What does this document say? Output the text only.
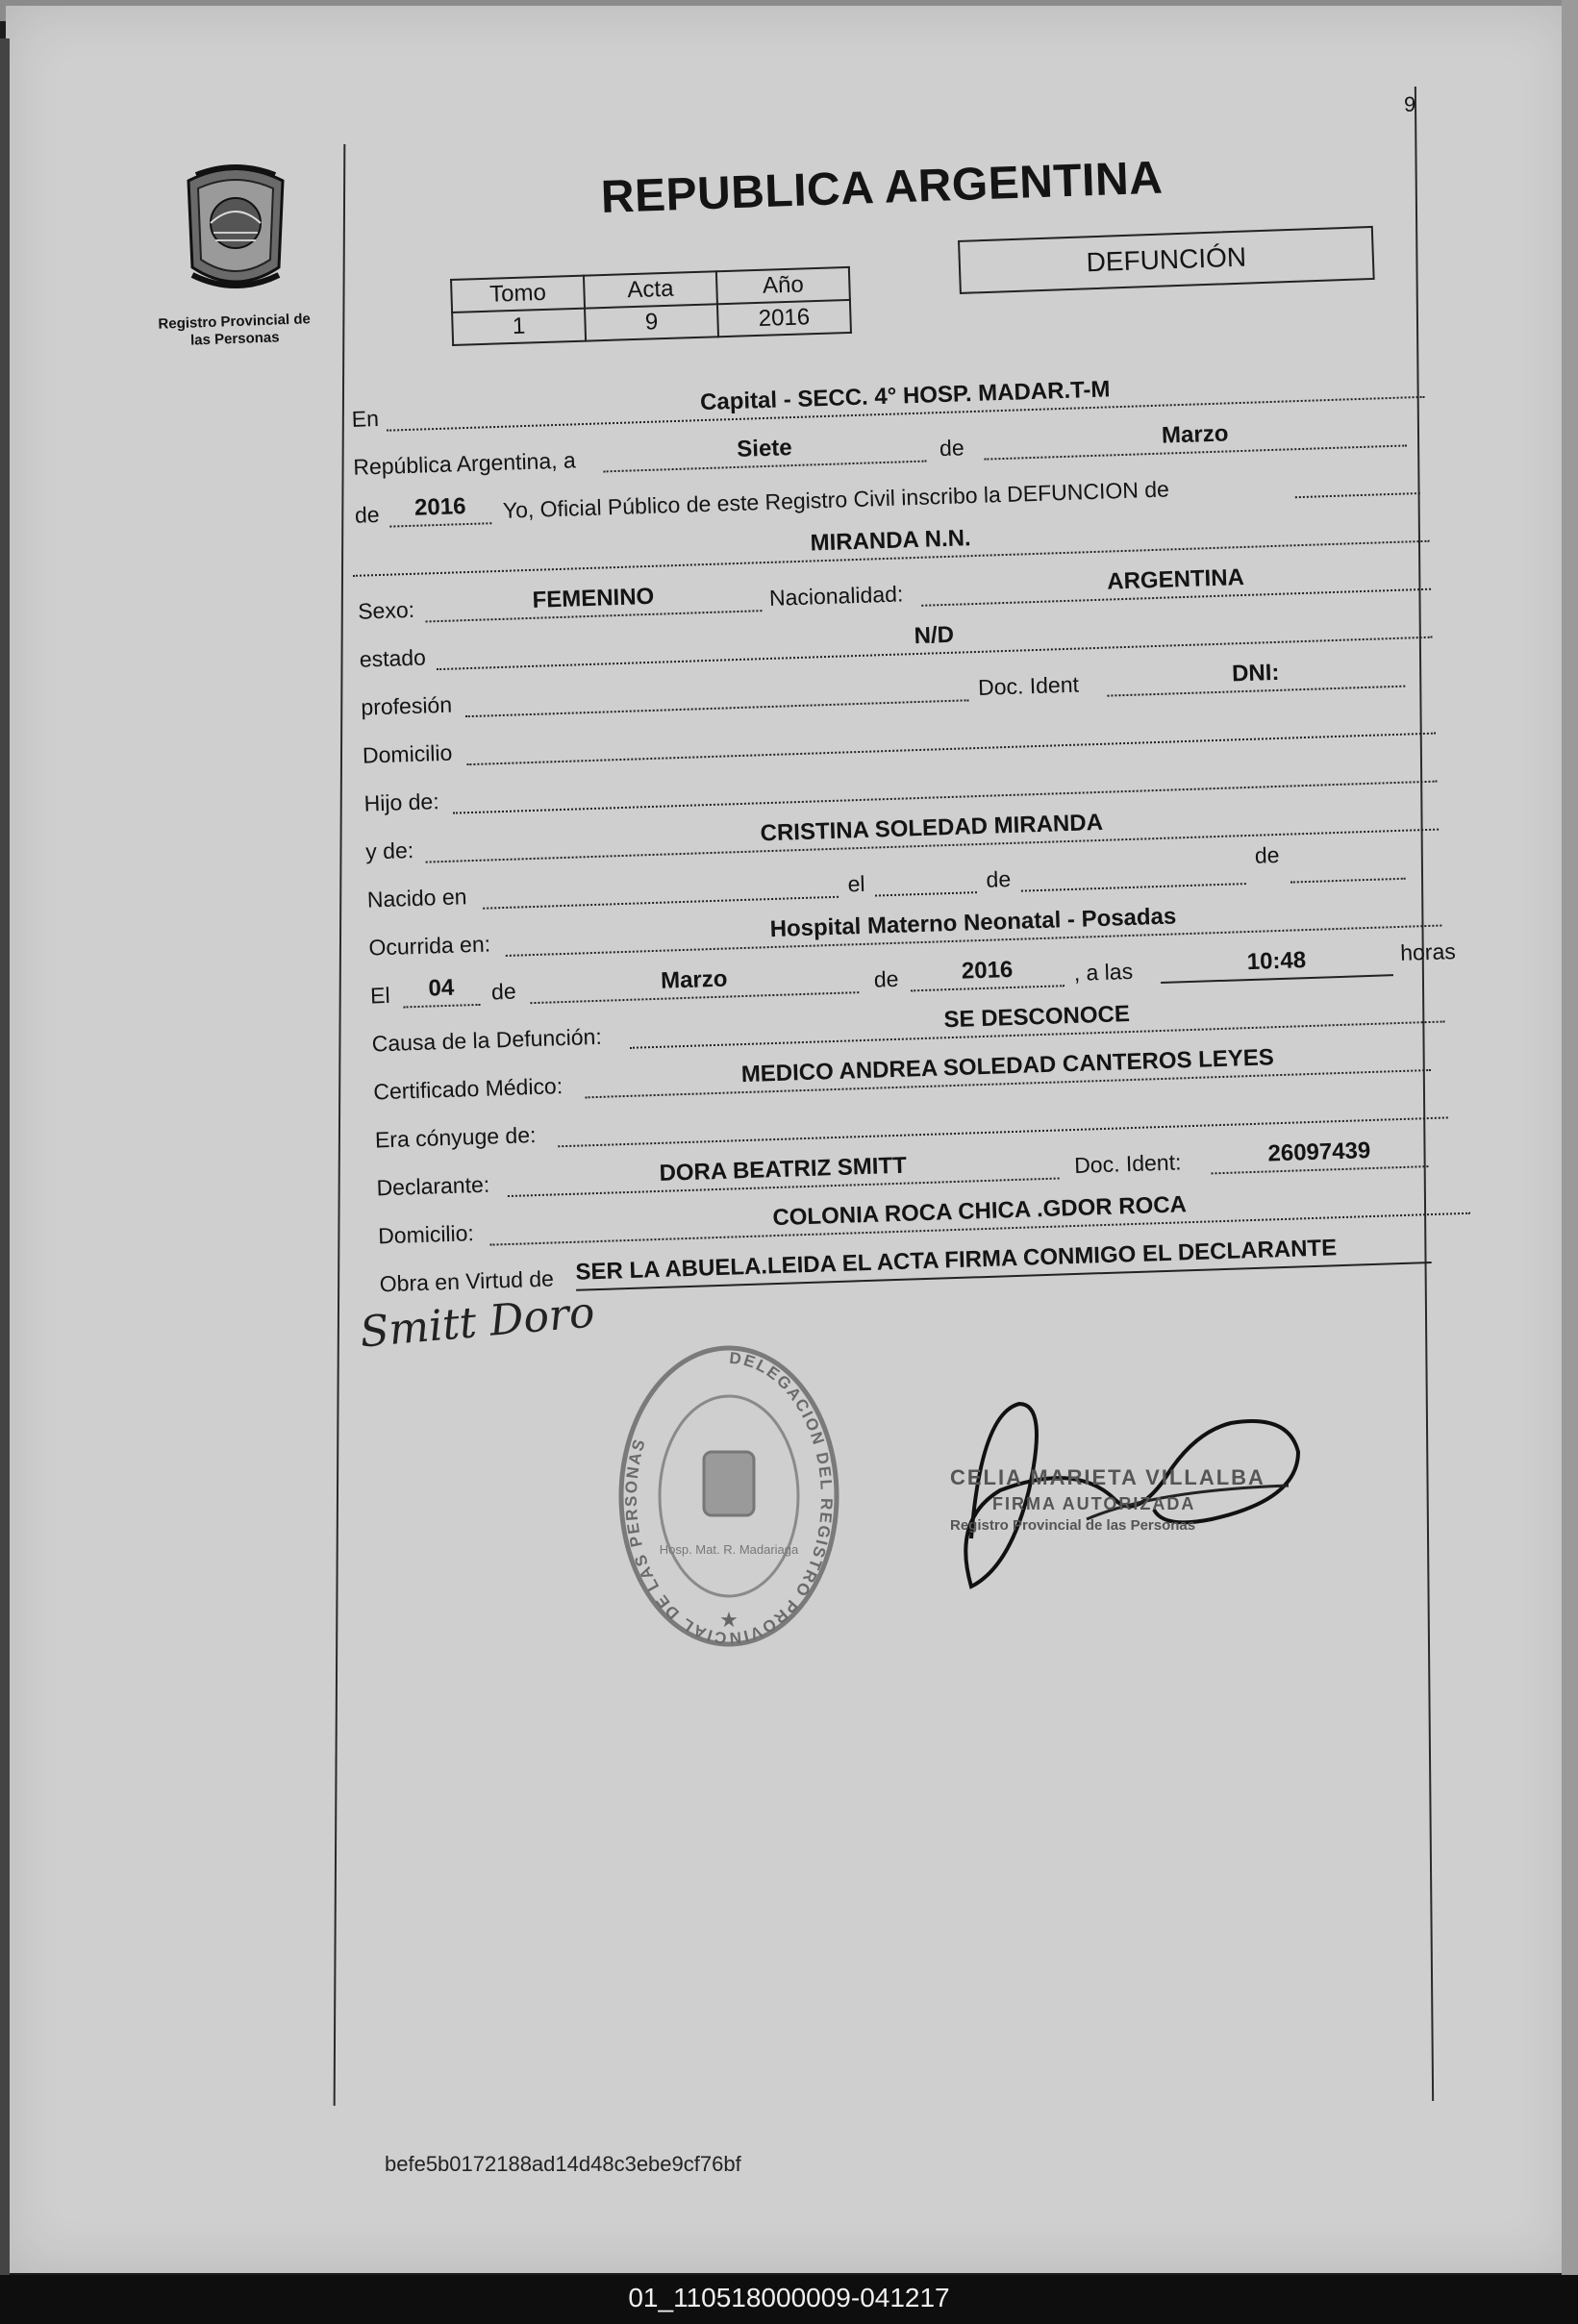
9
Registro Provincial de
las Personas
REPUBLICA ARGENTINA
Tomo	Acta	Año
1	9	2016
DEFUNCIÓN
En
Capital - SECC. 4° HOSP. MADAR.T-M
República Argentina, a	Siete	de	Marzo
de	2016	Yo, Oficial Público de este Registro Civil inscribo la DEFUNCION de
MIRANDA N.N.
Sexo:	FEMENINO	Nacionalidad:
ARGENTINA
estado
N/D
profesión
Doc. Ident	DNI:
Domicilio
Hijo de:
y de:
CRISTINA SOLEDAD MIRANDA
Nacido en
el	de
de
Ocurrida en:
Hospital Materno Neonatal - Posadas
El	04	de	Marzo	de	2016	, a las	10:48	horas
Causa de la Defunción:
SE DESCONOCE
Certificado Médico:
MEDICO ANDREA SOLEDAD CANTEROS LEYES
Era cónyuge de:
Declarante:	DORA BEATRIZ SMITT	Doc. Ident:	26097439
Domicilio:
COLONIA ROCA CHICA .GDOR ROCA
Obra en Virtud de SER LA ABUELA.LEIDA EL ACTA FIRMA CONMIGO EL DECLARANTE
Smitt Doro
DELEGACION DEL REGISTRO PROVINCIAL DE LAS PERSONAS
Hosp. Mat. R. Madariaga
★
CELIA MARIETA VILLALBA
FIRMA AUTORIZADA
Registro Provincial de las Personas
befe5b0172188ad14d48c3ebe9cf76bf
01_110518000009-041217
